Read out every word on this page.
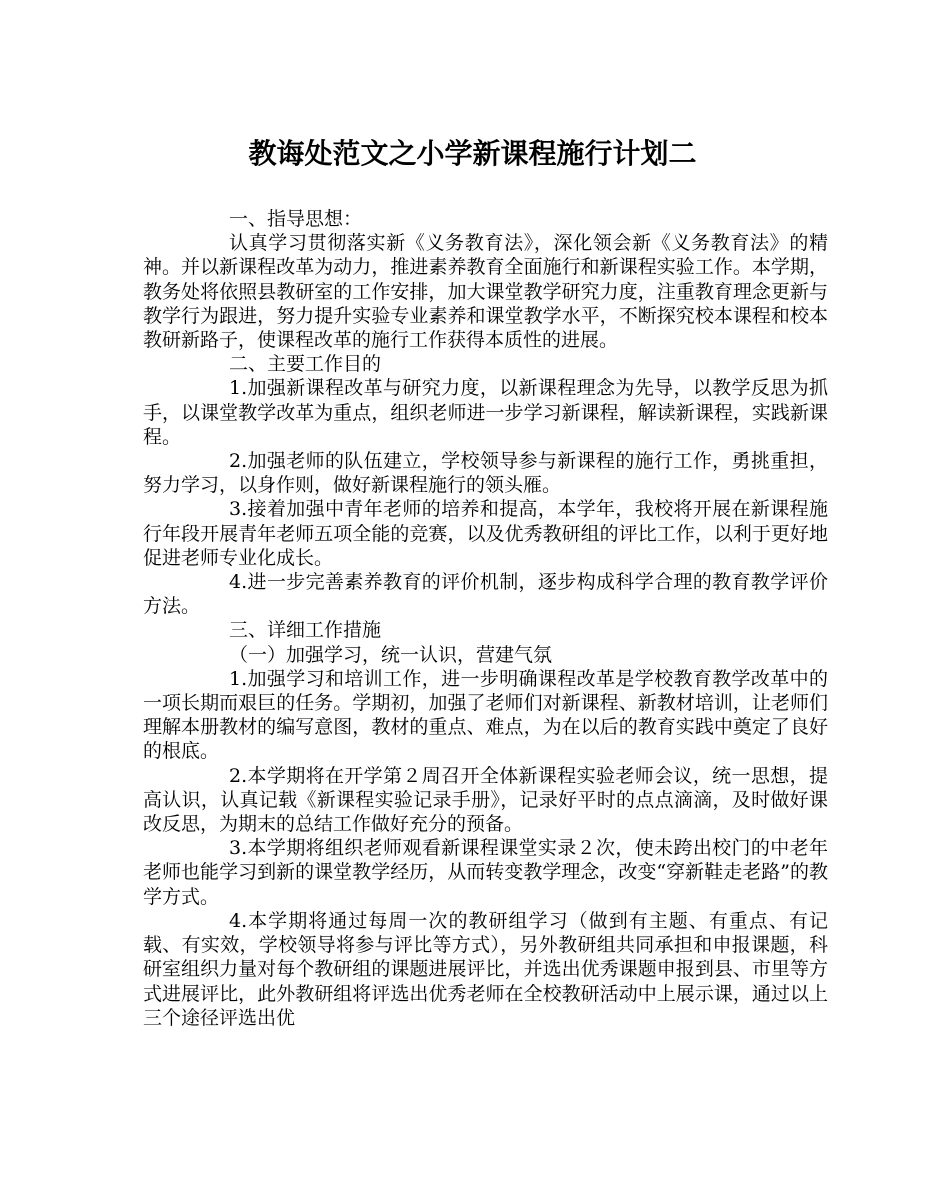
教诲处范文之小学新课程施行计划二

一、指导思想：

认真学习贯彻落实新《义务教育法》，深化领会新《义务教育法》的精神。并以新课程改革为动力，推进素养教育全面施行和新课程实验工作。本学期，教务处将依照县教研室的工作安排，加大课堂教学研究力度，注重教育理念更新与教学行为跟进，努力提升实验专业素养和课堂教学水平，不断探究校本课程和校本教研新路子，使课程改革的施行工作获得本质性的进展。

二、主要工作目的

1.加强新课程改革与研究力度，以新课程理念为先导，以教学反思为抓手，以课堂教学改革为重点，组织老师进一步学习新课程，解读新课程，实践新课程。

2.加强老师的队伍建立，学校领导参与新课程的施行工作，勇挑重担，努力学习，以身作则，做好新课程施行的领头雁。

3.接着加强中青年老师的培养和提高，本学年，我校将开展在新课程施行年段开展青年老师五项全能的竞赛，以及优秀教研组的评比工作，以利于更好地促进老师专业化成长。

4.进一步完善素养教育的评价机制，逐步构成科学合理的教育教学评价方法。

三、详细工作措施

（一）加强学习，统一认识，营建气氛

1.加强学习和培训工作，进一步明确课程改革是学校教育教学改革中的一项长期而艰巨的任务。学期初，加强了老师们对新课程、新教材培训，让老师们理解本册教材的编写意图，教材的重点、难点，为在以后的教育实践中奠定了良好的根底。

2.本学期将在开学第２周召开全体新课程实验老师会议，统一思想，提高认识，认真记载《新课程实验记录手册》，记录好平时的点点滴滴，及时做好课改反思，为期末的总结工作做好充分的预备。

3.本学期将组织老师观看新课程课堂实录２次，使未跨出校门的中老年老师也能学习到新的课堂教学经历，从而转变教学理念，改变“穿新鞋走老路”的教学方式。

4.本学期将通过每周一次的教研组学习（做到有主题、有重点、有记载、有实效，学校领导将参与评比等方式），另外教研组共同承担和申报课题，科研室组织力量对每个教研组的课题进展评比，并选出优秀课题申报到县、市里等方式进展评比，此外教研组将评选出优秀老师在全校教研活动中上展示课，通过以上三个途径评选出优
